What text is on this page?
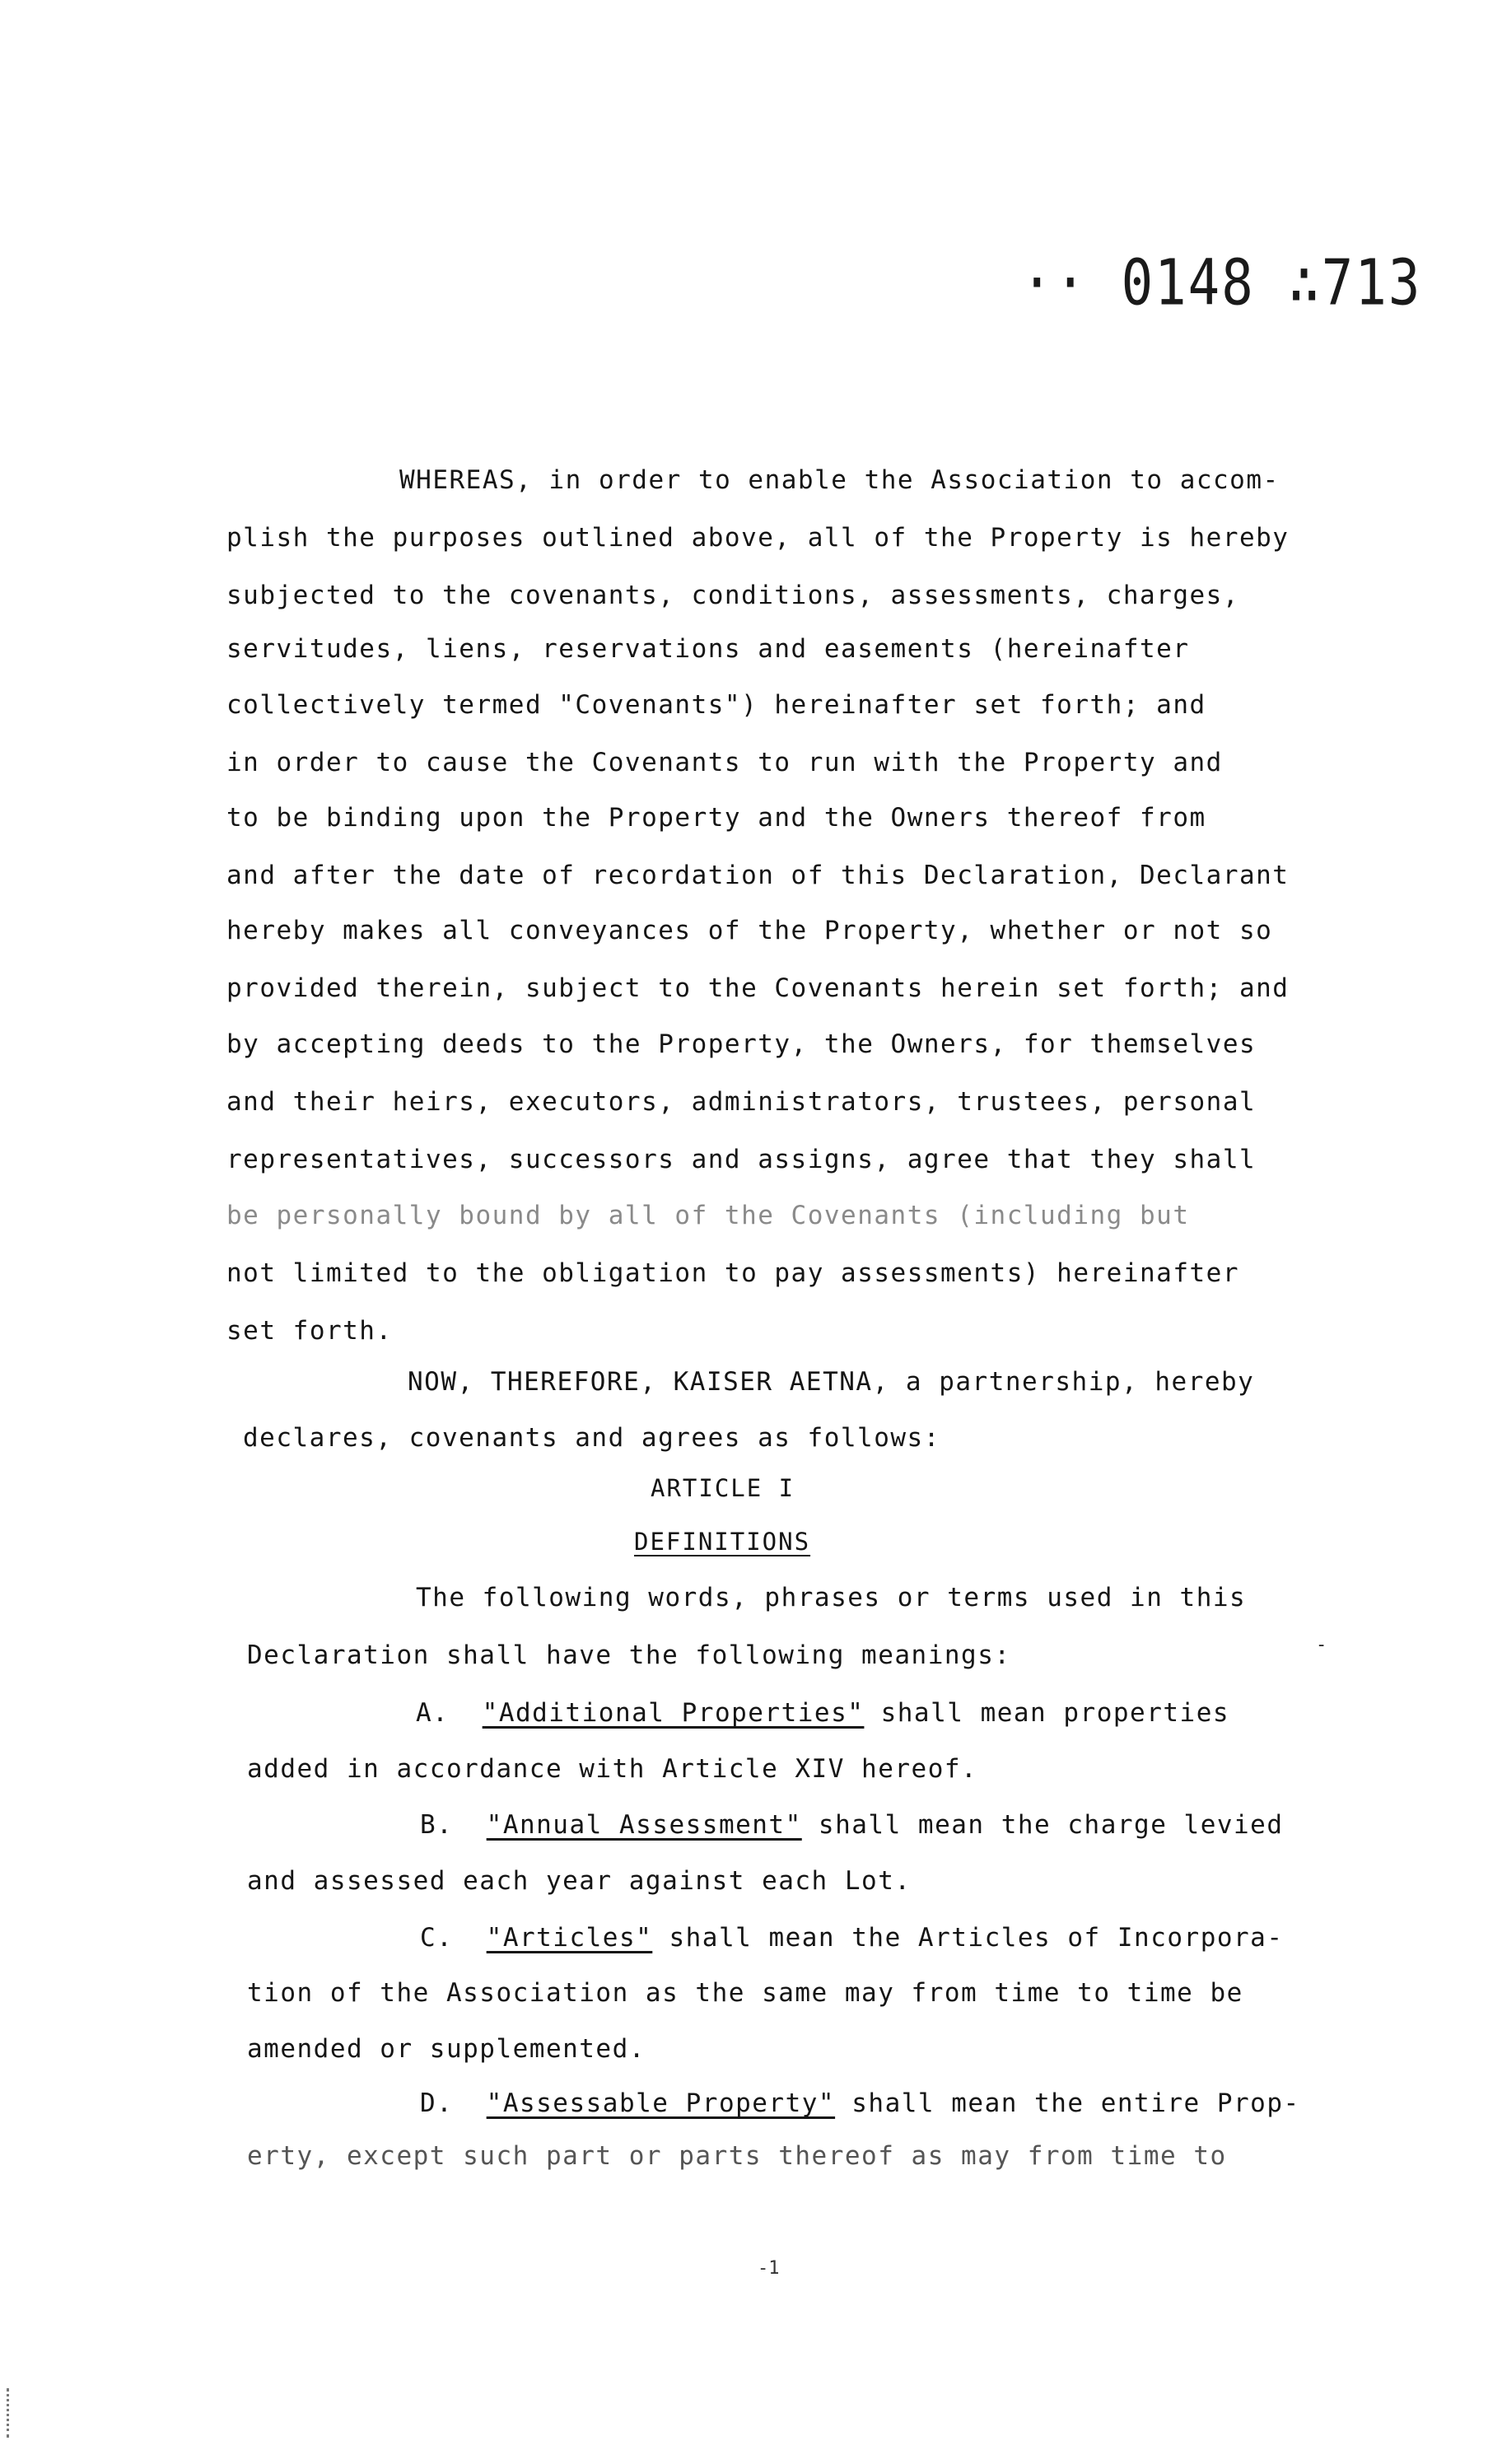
·· 0148 ∴713
WHEREAS, in order to enable the Association to accom-
plish the purposes outlined above, all of the Property is hereby
subjected to the covenants, conditions, assessments, charges,
servitudes, liens, reservations and easements (hereinafter
collectively termed "Covenants") hereinafter set forth; and
in order to cause the Covenants to run with the Property and
to be binding upon the Property and the Owners thereof from
and after the date of recordation of this Declaration, Declarant
hereby makes all conveyances of the Property, whether or not so
provided therein, subject to the Covenants herein set forth; and
by accepting deeds to the Property, the Owners, for themselves
and their heirs, executors, administrators, trustees, personal
representatives, successors and assigns, agree that they shall
be personally bound by all of the Covenants (including but
not limited to the obligation to pay assessments) hereinafter
set forth.
NOW, THEREFORE, KAISER AETNA, a partnership, hereby
declares, covenants and agrees as follows:
ARTICLE I
DEFINITIONS
The following words, phrases or terms used in this
Declaration shall have the following meanings:	-
A. "Additional Properties" shall mean properties
added in accordance with Article XIV hereof.
B. "Annual Assessment" shall mean the charge levied
and assessed each year against each Lot.
C. "Articles" shall mean the Articles of Incorpora-
tion of the Association as the same may from time to time be
amended or supplemented.
D. "Assessable Property" shall mean the entire Prop-
erty, except such part or parts thereof as may from time to
-1
